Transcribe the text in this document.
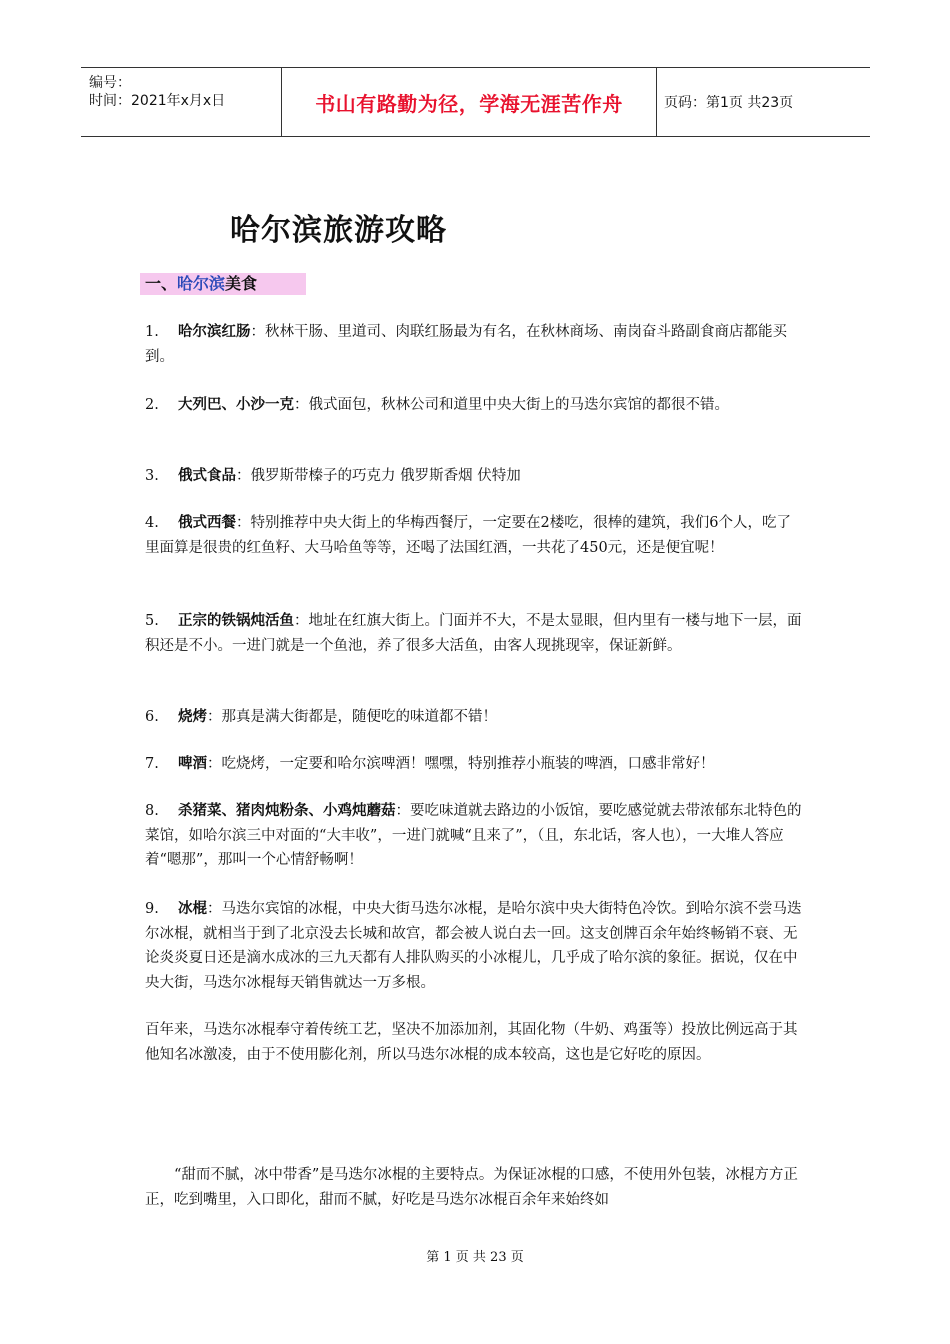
编号：
时间：2021年x月x日	书山有路勤为径，学海无涯苦作舟	页码：第1页 共23页
哈尔滨旅游攻略
一、哈尔滨美食

1. 哈尔滨红肠：秋林干肠、里道司、肉联红肠最为有名，在秋林商场、南岗奋斗路副食商店都能买到。

2. 大列巴、小沙一克：俄式面包，秋林公司和道里中央大街上的马迭尔宾馆的都很不错。

3. 俄式食品：俄罗斯带榛子的巧克力 俄罗斯香烟 伏特加

4. 俄式西餐：特别推荐中央大街上的华梅西餐厅，一定要在2楼吃，很棒的建筑，我们6个人，吃了里面算是很贵的红鱼籽、大马哈鱼等等，还喝了法国红酒，一共花了450元，还是便宜呢！

5. 正宗的铁锅炖活鱼：地址在红旗大街上。门面并不大，不是太显眼，但内里有一楼与地下一层，面积还是不小。一进门就是一个鱼池，养了很多大活鱼，由客人现挑现宰，保证新鲜。

6. 烧烤：那真是满大街都是，随便吃的味道都不错！

7. 啤酒：吃烧烤，一定要和哈尔滨啤酒！嘿嘿，特别推荐小瓶装的啤酒，口感非常好！

8. 杀猪菜、猪肉炖粉条、小鸡炖蘑菇：要吃味道就去路边的小饭馆，要吃感觉就去带浓郁东北特色的菜馆，如哈尔滨三中对面的“大丰收”，一进门就喊“且来了”，（且，东北话，客人也），一大堆人答应着“嗯那”，那叫一个心情舒畅啊！

9. 冰棍：马迭尔宾馆的冰棍，中央大街马迭尔冰棍，是哈尔滨中央大街特色冷饮。到哈尔滨不尝马迭尔冰棍，就相当于到了北京没去长城和故宫，都会被人说白去一回。这支创牌百余年始终畅销不衰、无论炎炎夏日还是滴水成冰的三九天都有人排队购买的小冰棍儿，几乎成了哈尔滨的象征。据说，仅在中央大街，马迭尔冰棍每天销售就达一万多根。

百年来，马迭尔冰棍奉守着传统工艺，坚决不加添加剂，其固化物（牛奶、鸡蛋等）投放比例远高于其他知名冰激凌，由于不使用膨化剂，所以马迭尔冰棍的成本较高，这也是它好吃的原因。

“甜而不腻，冰中带香”是马迭尔冰棍的主要特点。为保证冰棍的口感，不使用外包装，冰棍方方正正，吃到嘴里，入口即化，甜而不腻，好吃是马迭尔冰棍百余年来始终如

第 1 页 共 23 页
